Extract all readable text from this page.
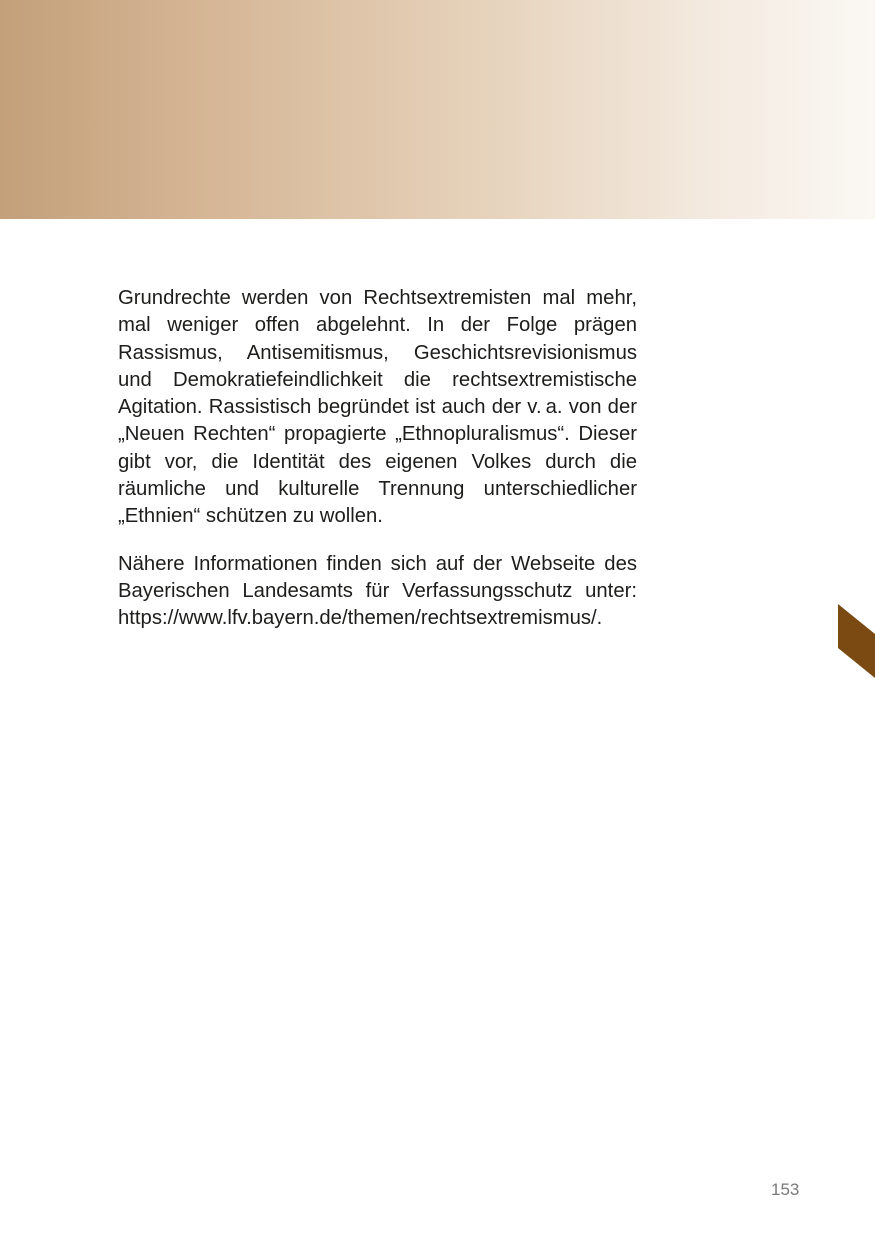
Grundrechte werden von Rechtsextremisten mal mehr, mal weniger offen abgelehnt. In der Folge prägen Rassismus, Antisemitismus, Geschichtsrevisionismus und Demokratiefeindlichkeit die rechtsextremistische Agitation. Rassistisch begründet ist auch der v. a. von der „Neuen Rechten“ propagierte „Ethnopluralismus“. Dieser gibt vor, die Identität des eigenen Volkes durch die räumliche und kulturelle Trennung unterschiedlicher „Ethnien“ schützen zu wollen.

Nähere Informationen finden sich auf der Webseite des Bayerischen Landesamts für Verfassungsschutz unter: https://www.lfv.bayern.de/​themen/​rechtsextremismus/.

153
